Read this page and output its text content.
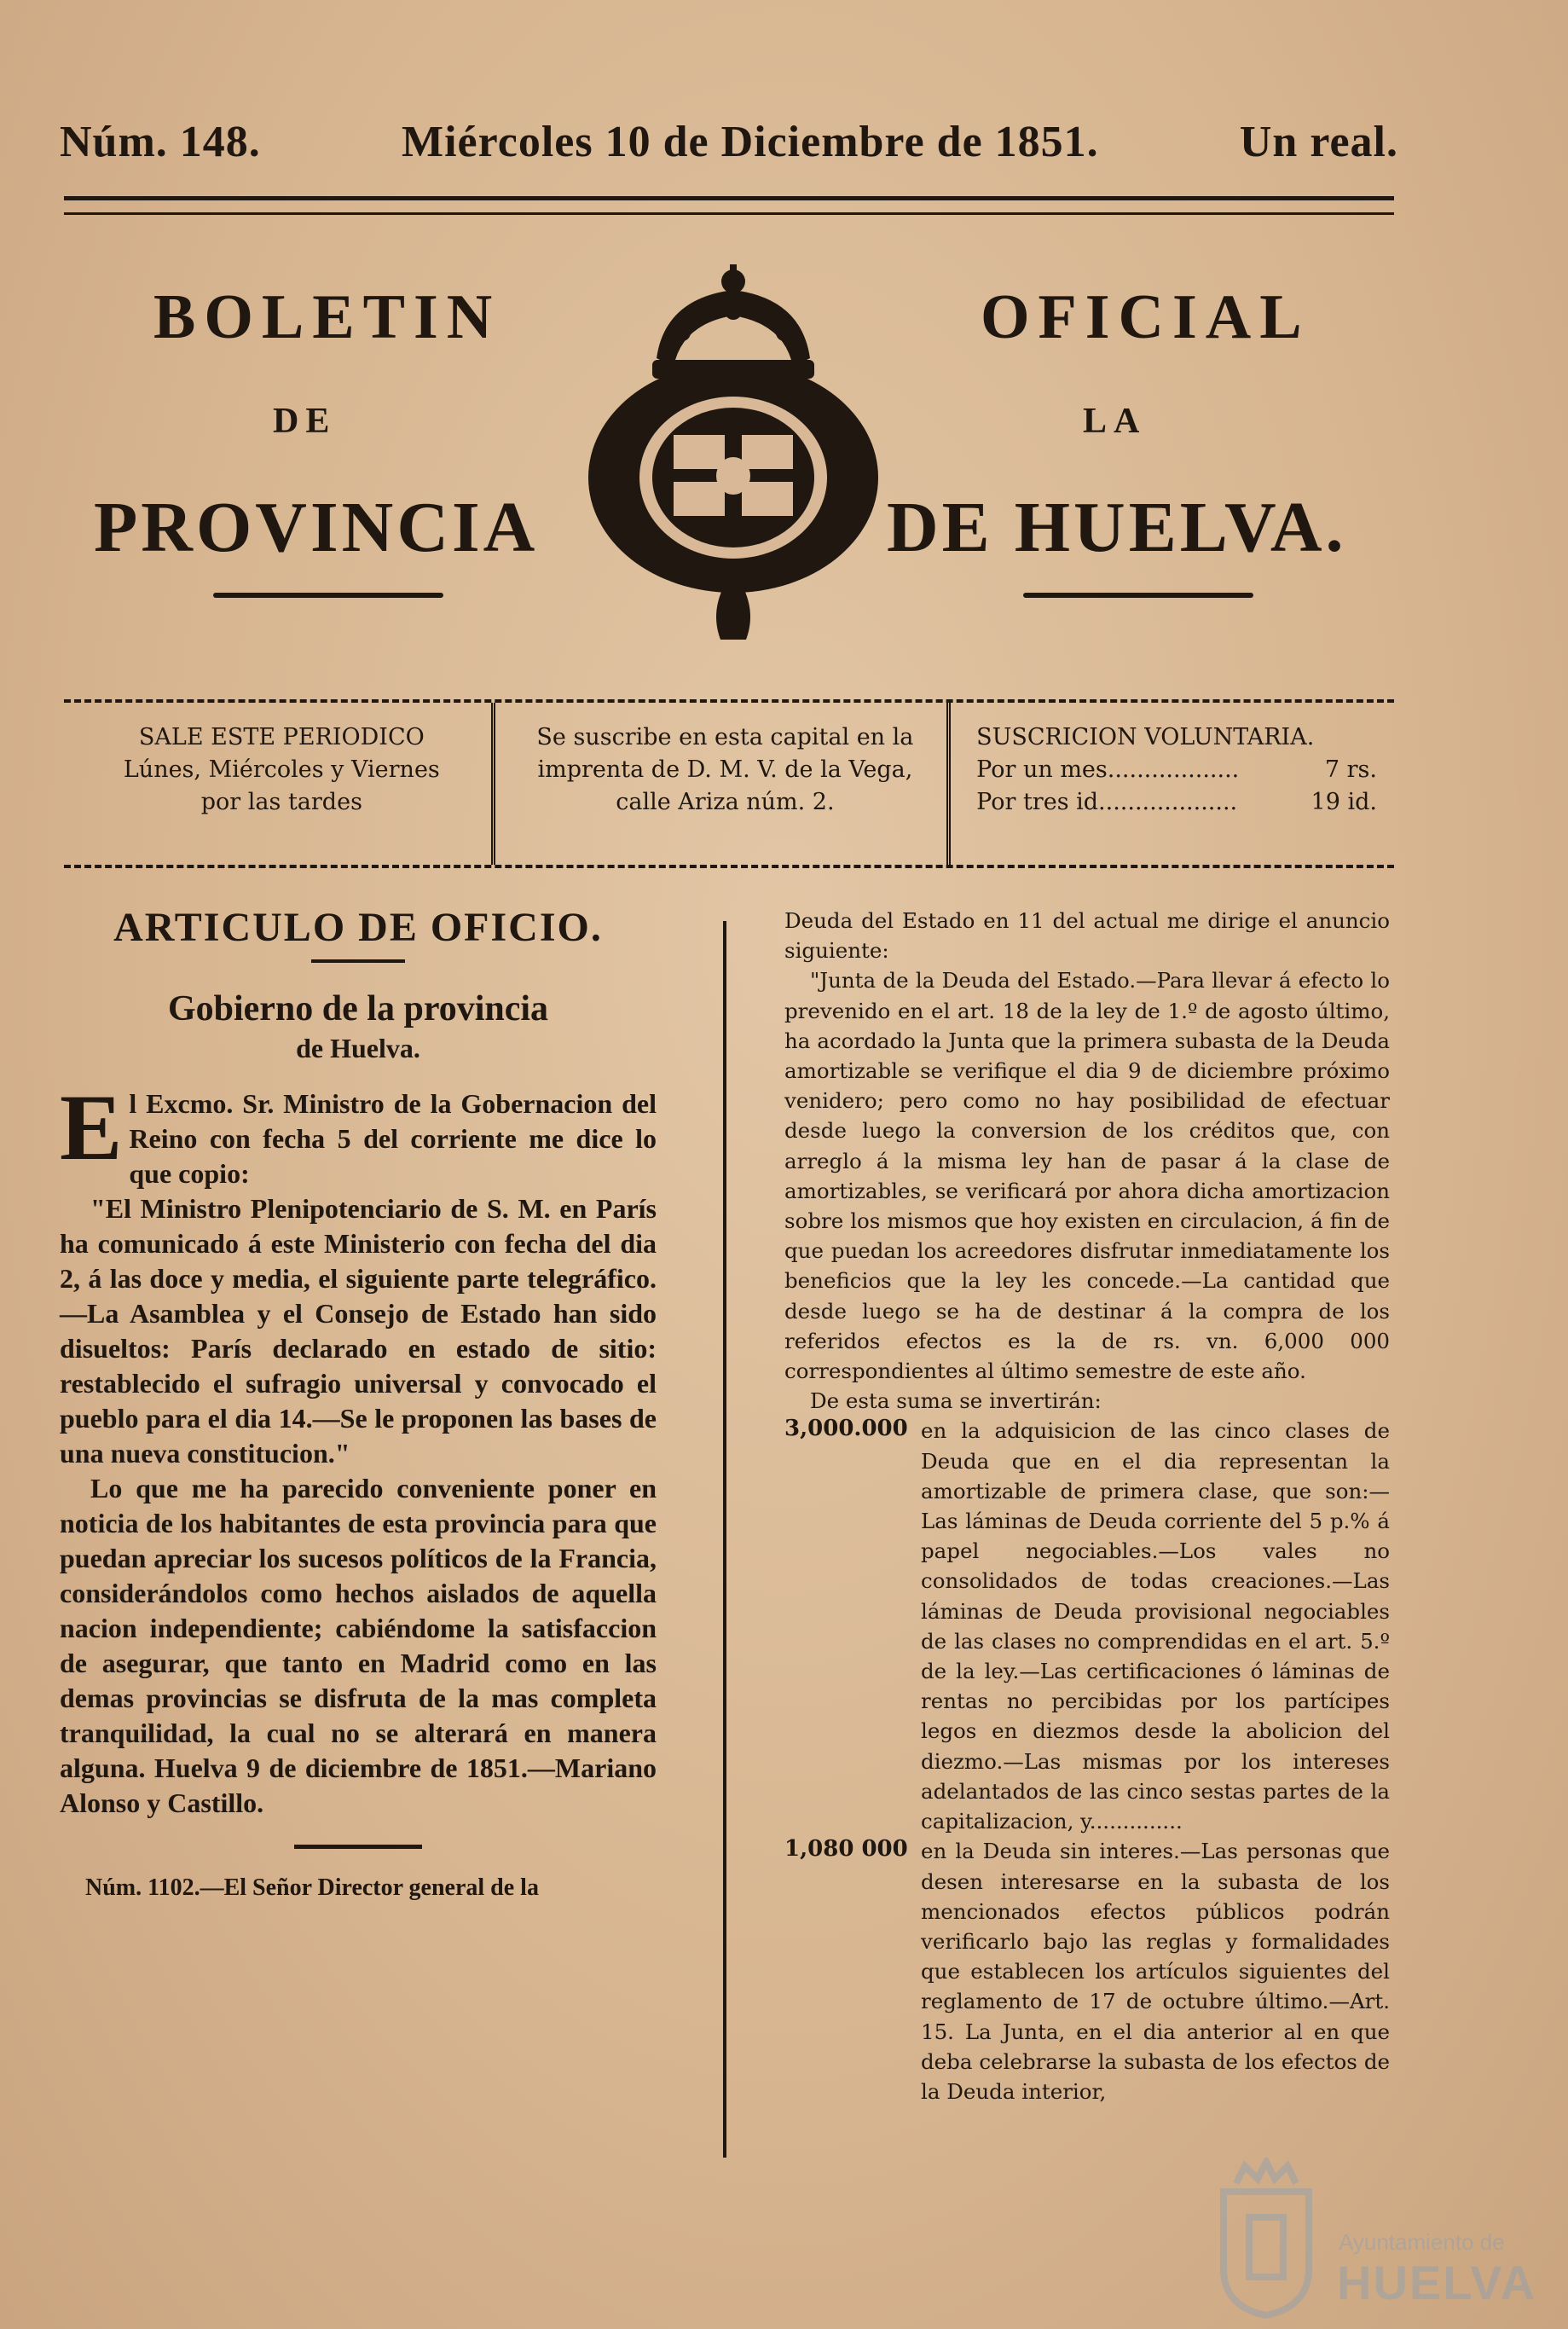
Núm. 148.	Miércoles 10 de Diciembre de 1851.	Un real.
BOLETIN	OFICIAL
DE	LA
PROVINCIA	DE HUELVA.
SALE ESTE PERIODICO
Lúnes, Miércoles y Viernes
por las tardes
Se suscribe en esta capital en la
imprenta de D. M. V. de la Vega,
calle Ariza núm. 2.
SUSCRICION VOLUNTARIA.
Por un mes..................	7 rs.
Por tres id...................	19 id.
ARTICULO DE OFICIO.
Gobierno de la provincia
de Huelva.

El Excmo. Sr. Ministro de la Gobernacion del Reino con fecha 5 del corriente me dice lo que copio:

"El Ministro Plenipotenciario de S. M. en París ha comunicado á este Ministerio con fecha del dia 2, á las doce y media, el siguiente parte telegráfico.—La Asamblea y el Consejo de Estado han sido disueltos: París declarado en estado de sitio: restablecido el sufragio universal y convocado el pueblo para el dia 14.—Se le proponen las bases de una nueva constitucion."

Lo que me ha parecido conveniente poner en noticia de los habitantes de esta provincia para que puedan apreciar los sucesos políticos de la Francia, considerándolos como hechos aislados de aquella nacion independiente; cabiéndome la satisfaccion de asegurar, que tanto en Madrid como en las demas provincias se disfruta de la mas completa tranquilidad, la cual no se alterará en manera alguna. Huelva 9 de diciembre de 1851.—Mariano Alonso y Castillo.

Núm. 1102.—El Señor Director general de la

Deuda del Estado en 11 del actual me dirige el anuncio siguiente:

"Junta de la Deuda del Estado.—Para llevar á efecto lo prevenido en el art. 18 de la ley de 1.º de agosto último, ha acordado la Junta que la primera subasta de la Deuda amortizable se verifique el dia 9 de diciembre próximo venidero; pero como no hay posibilidad de efectuar desde luego la conversion de los créditos que, con arreglo á la misma ley han de pasar á la clase de amortizables, se verificará por ahora dicha amortizacion sobre los mismos que hoy existen en circulacion, á fin de que puedan los acreedores disfrutar inmediatamente los beneficios que la ley les concede.—La cantidad que desde luego se ha de destinar á la compra de los referidos efectos es la de rs. vn. 6,000 000 correspondientes al último semestre de este año.

De esta suma se invertirán:

3,000.000 en la adquisicion de las cinco clases de Deuda que en el dia representan la amortizable de primera clase, que son:—Las láminas de Deuda corriente del 5 p.% á papel negociables.—Los vales no consolidados de todas creaciones.—Las láminas de Deuda provisional negociables de las clases no comprendidas en el art. 5.º de la ley.—Las certificaciones ó láminas de rentas no percibidas por los partícipes legos en diezmos desde la abolicion del diezmo.—Las mismas por los intereses adelantados de las cinco sestas partes de la capitalizacion, y..............
1,080 000 en la Deuda sin interes.—Las personas que desen interesarse en la subasta de los mencionados efectos públicos podrán verificarlo bajo las reglas y formalidades que establecen los artículos siguientes del reglamento de 17 de octubre último.—Art. 15. La Junta, en el dia anterior al en que deba celebrarse la subasta de los efectos de la Deuda interior,
Ayuntamiento de
HUELVA
